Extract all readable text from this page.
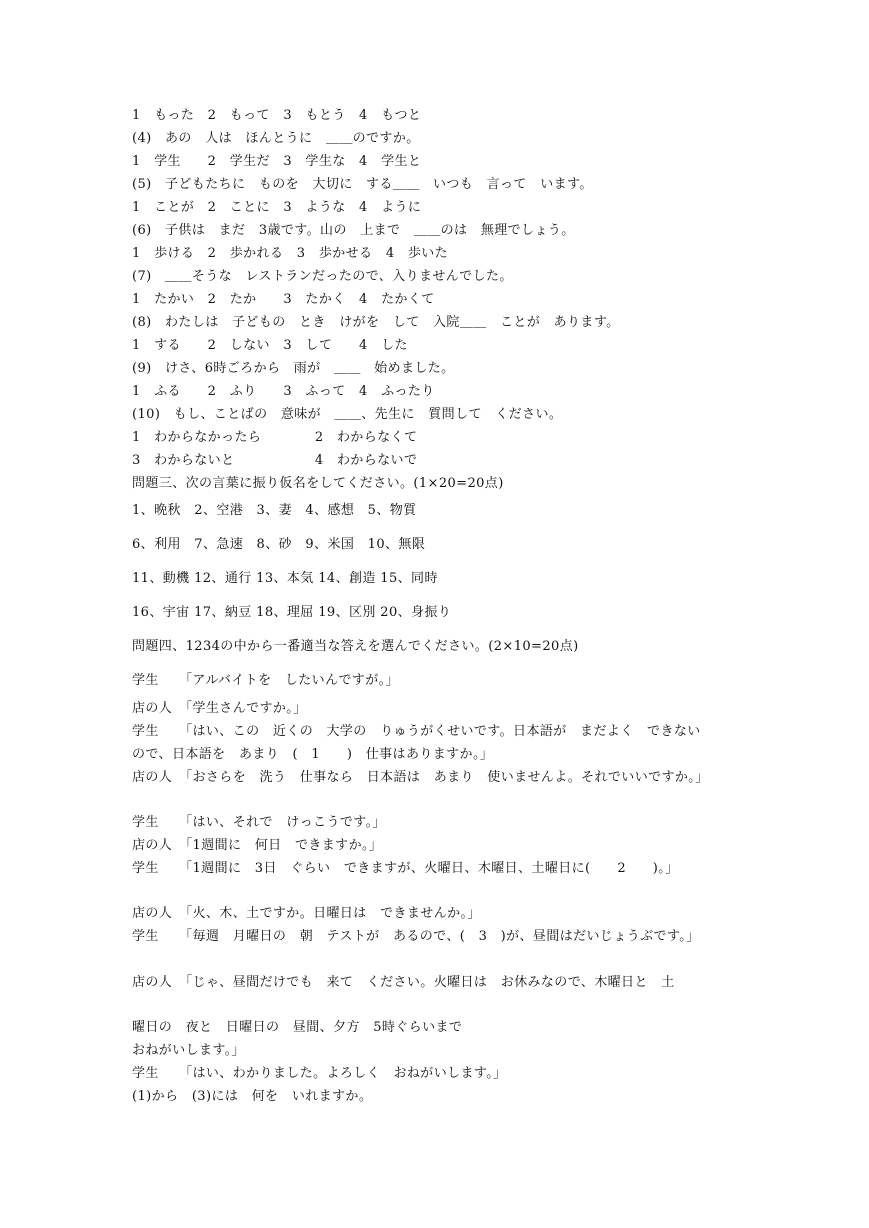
1　もった　2　もって　3　もとう　4　もつと
(4)　あの　人は　ほんとうに　＿＿のですか。
1　学生　　2　学生だ　3　学生な　4　学生と
(5)　子どもたちに　ものを　大切に　する＿＿　いつも　言って　います。
1　ことが　2　ことに　3　ような　4　ように
(6)　子供は　まだ　3歳です。山の　上まで　＿＿のは　無理でしょう。
1　歩ける　2　歩かれる　3　歩かせる　4　歩いた
(7)　＿＿そうな　レストランだったので、入りませんでした。
1　たかい　2　たか　　3　たかく　4　たかくて
(8)　わたしは　子どもの　とき　けがを　して　入院＿＿　ことが　あります。
1　する　　2　しない　3　して　　4　した
(9)　けさ、6時ごろから　雨が　＿＿　始めました。
1　ふる　　2　ふり　　3　ふって　4　ふったり
(10)　もし、ことばの　意味が　＿＿、先生に　質問して　ください。
1　わからなかったら　　　　2　わからなくて
3　わからないと　　　　　　4　わからないで
問題三、次の言葉に振り仮名をしてください。(1×20=20点)
1、晩秋　2、空港　3、妻　4、感想　5、物質
6、利用　7、急速　8、砂　9、米国　10、無限
11、動機 12、通行 13、本気 14、創造 15、同時
16、宇宙 17、納豆 18、理屈 19、区別 20、身振り
問題四、1234の中から一番適当な答えを選んでください。(2×10=20点)
学生　　「アルバイトを　したいんですが。」
店の人　「学生さんですか。」
学生　　「はい、この　近くの　大学の　りゅうがくせいです。日本語が　まだよく　できないので、日本語を　あまり　(　1　　)　仕事はありますか。」
店の人　「おさらを　洗う　仕事なら　日本語は　あまり　使いませんよ。それでいいですか。」
学生　　「はい、それで　けっこうです。」
店の人　「1週間に　何日　できますか。」
学生　　「1週間に　3日　ぐらい　できますが、火曜日、木曜日、土曜日に(　　2　　)。」
店の人　「火、木、土ですか。日曜日は　できませんか。」
学生　　「毎週　月曜日の　朝　テストが　あるので、(　3　)が、昼間はだいじょうぶです。」
店の人　「じゃ、昼間だけでも　来て　ください。火曜日は　お休みなので、木曜日と　土
曜日の　夜と　日曜日の　昼間、夕方　5時ぐらいまで
おねがいします。」
学生　　「はい、わかりました。よろしく　おねがいします。」
(1)から　(3)には　何を　いれますか。
